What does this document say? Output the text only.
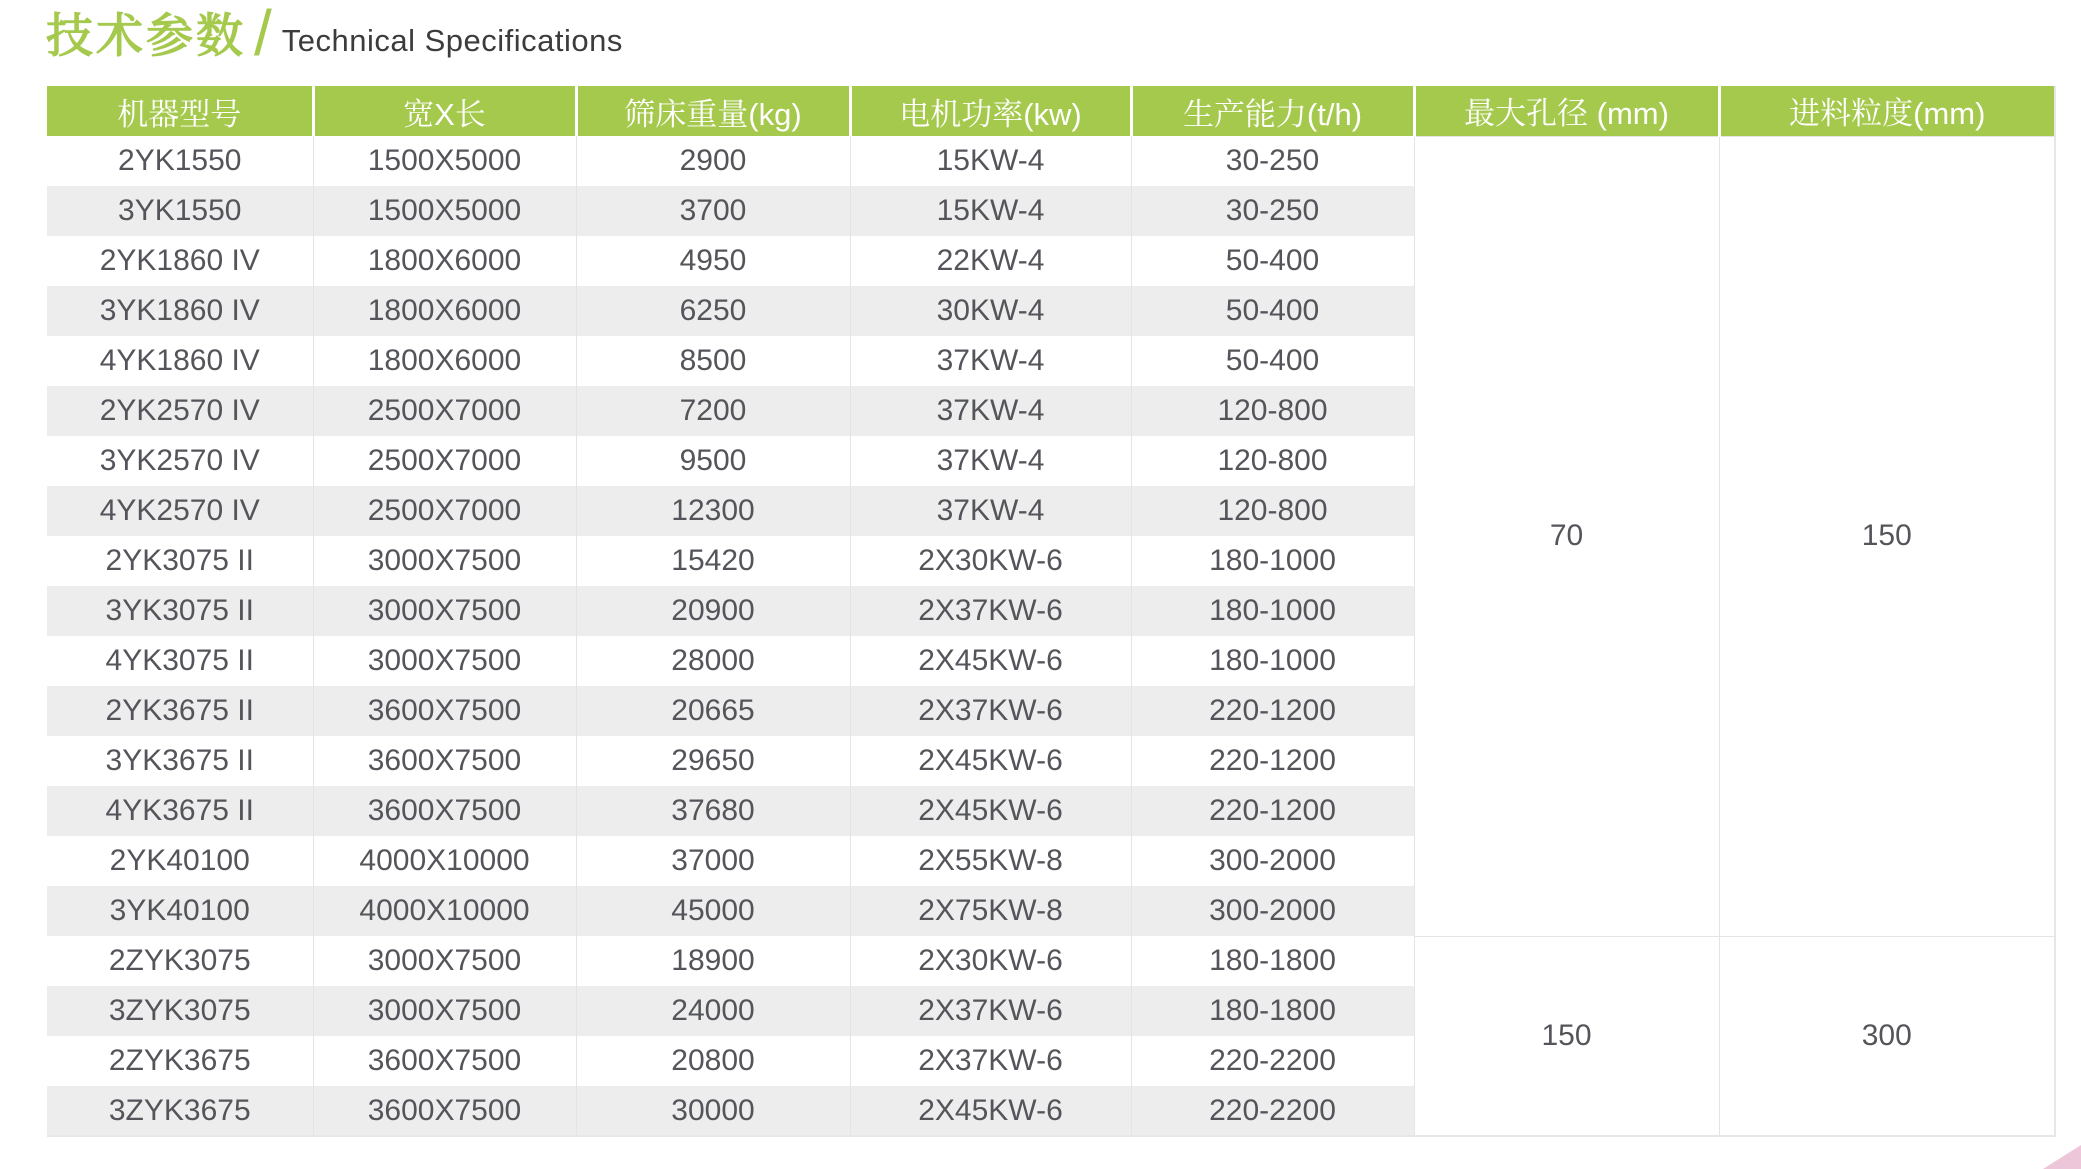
技术参数 / Technical Specifications
机器型号	宽X长	筛床重量(kg)	电机功率(kw)	生产能力(t/h)	最大孔径 (mm)	进料粒度(mm)
2YK1550	1500X5000	2900	15KW-4	30-250	70	150
3YK1550	1500X5000	3700	15KW-4	30-250		
2YK1860 IV	1800X6000	4950	22KW-4	50-400		
3YK1860 IV	1800X6000	6250	30KW-4	50-400		
4YK1860 IV	1800X6000	8500	37KW-4	50-400		
2YK2570 IV	2500X7000	7200	37KW-4	120-800		
3YK2570 IV	2500X7000	9500	37KW-4	120-800		
4YK2570 IV	2500X7000	12300	37KW-4	120-800		
2YK3075 II	3000X7500	15420	2X30KW-6	180-1000		
3YK3075 II	3000X7500	20900	2X37KW-6	180-1000		
4YK3075 II	3000X7500	28000	2X45KW-6	180-1000		
2YK3675 II	3600X7500	20665	2X37KW-6	220-1200		
3YK3675 II	3600X7500	29650	2X45KW-6	220-1200		
4YK3675 II	3600X7500	37680	2X45KW-6	220-1200		
2YK40100	4000X10000	37000	2X55KW-8	300-2000		
3YK40100	4000X10000	45000	2X75KW-8	300-2000		
2ZYK3075	3000X7500	18900	2X30KW-6	180-1800	150	300
3ZYK3075	3000X7500	24000	2X37KW-6	180-1800		
2ZYK3675	3600X7500	20800	2X37KW-6	220-2200		
3ZYK3675	3600X7500	30000	2X45KW-6	220-2200		
